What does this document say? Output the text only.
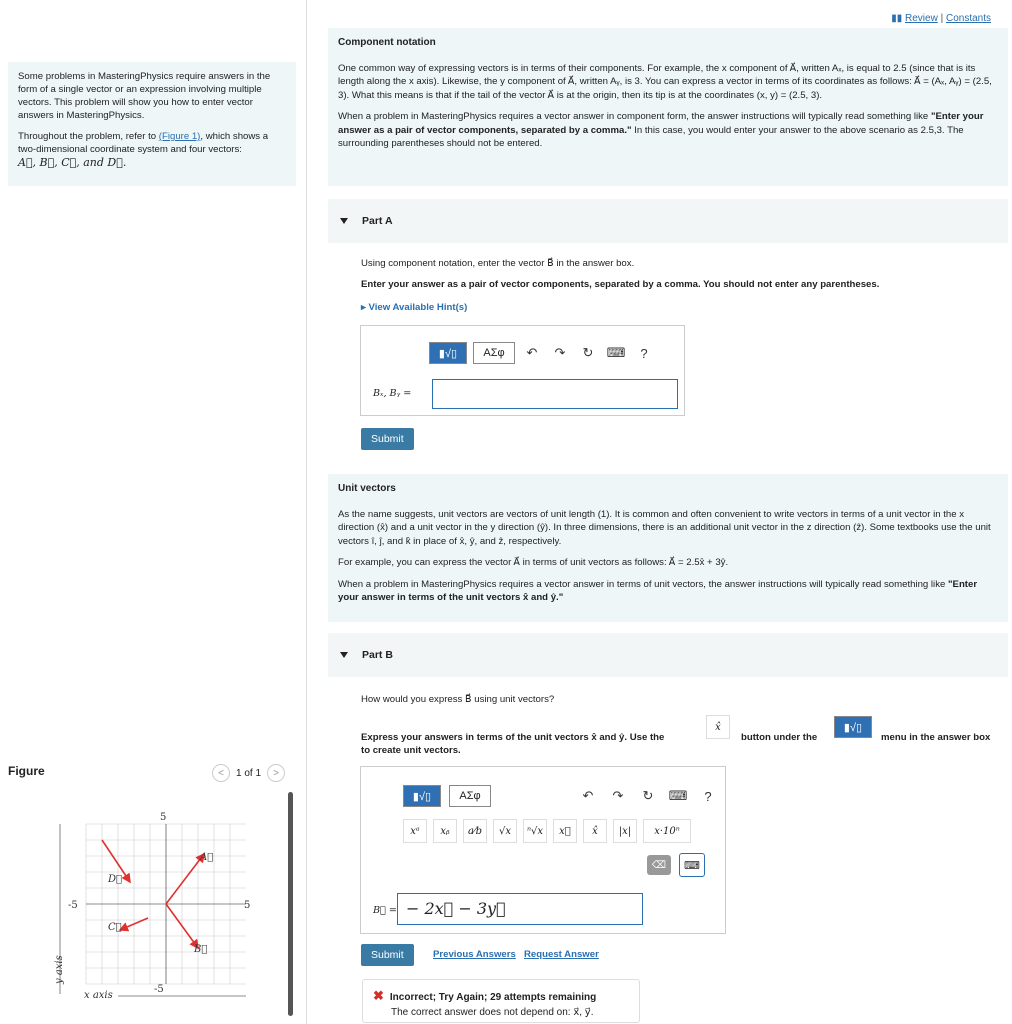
Some problems in MasteringPhysics require answers in the form of a single vector or an expression involving multiple vectors. This problem will show you how to enter vector answers in MasteringPhysics.

Throughout the problem, refer to (Figure 1), which shows a two-dimensional coordinate system and four vectors:
A⃗, B⃗, C⃗, and D⃗.

Figure	<	1 of 1	>
5
-5	5
-5
x axis
y axis
A⃗
B⃗
C⃗
D⃗
▮▮ Review | Constants
Component notation

One common way of expressing vectors is in terms of their components. For example, the x component of A⃗, written Aₓ, is equal to 2.5 (since that is its length along the x axis). Likewise, the y component of A⃗, written Aᵧ, is 3. You can express a vector in terms of its coordinates as follows: A⃗ = (Aₓ, Aᵧ) = (2.5, 3). What this means is that if the tail of the vector A⃗ is at the origin, then its tip is at the coordinates (x, y) = (2.5, 3).

When a problem in MasteringPhysics requires a vector answer in component form, the answer instructions will typically read something like "Enter your answer as a pair of vector components, separated by a comma." In this case, you would enter your answer to the above scenario as 2.5,3. The surrounding parentheses should not be entered.

Part A
Using component notation, enter the vector B⃗ in the answer box.
Enter your answer as a pair of vector components, separated by a comma. You should not enter any parentheses.
▸ View Available Hint(s)
▮√▯	ΑΣφ	↶	↷	↻	⌨	?
Bₓ, Bᵧ =
Submit
Unit vectors

As the name suggests, unit vectors are vectors of unit length (1). It is common and often convenient to write vectors in terms of a unit vector in the x direction (x̂) and a unit vector in the y direction (ŷ). In three dimensions, there is an additional unit vector in the z direction (ẑ). Some textbooks use the unit vectors î, ĵ, and k̂ in place of x̂, ŷ, and ẑ, respectively.

For example, you can express the vector A⃗ in terms of unit vectors as follows: A⃗ = 2.5x̂ + 3ŷ.

When a problem in MasteringPhysics requires a vector answer in terms of unit vectors, the answer instructions will typically read something like "Enter your answer in terms of the unit vectors x̂ and ŷ."

Part B
How would you express B⃗ using unit vectors?
Express your answers in terms of the unit vectors x̂ and ŷ. Use the
x̂
button under the
▮√▯
menu in the answer box
to create unit vectors.
▮√▯	ΑΣφ	↶	↷	↻	⌨	?
xᵃ	xᵦ	a⁄b	√x	ⁿ√x	x⃗	x̂	|x|	x·10ⁿ
⌫	⌨
B⃗ = − 2x⃗ − 3y⃗
Submit	Previous Answers Request Answer
✖ Incorrect; Try Again; 29 attempts remaining
The correct answer does not depend on: x⃗, y⃗.
